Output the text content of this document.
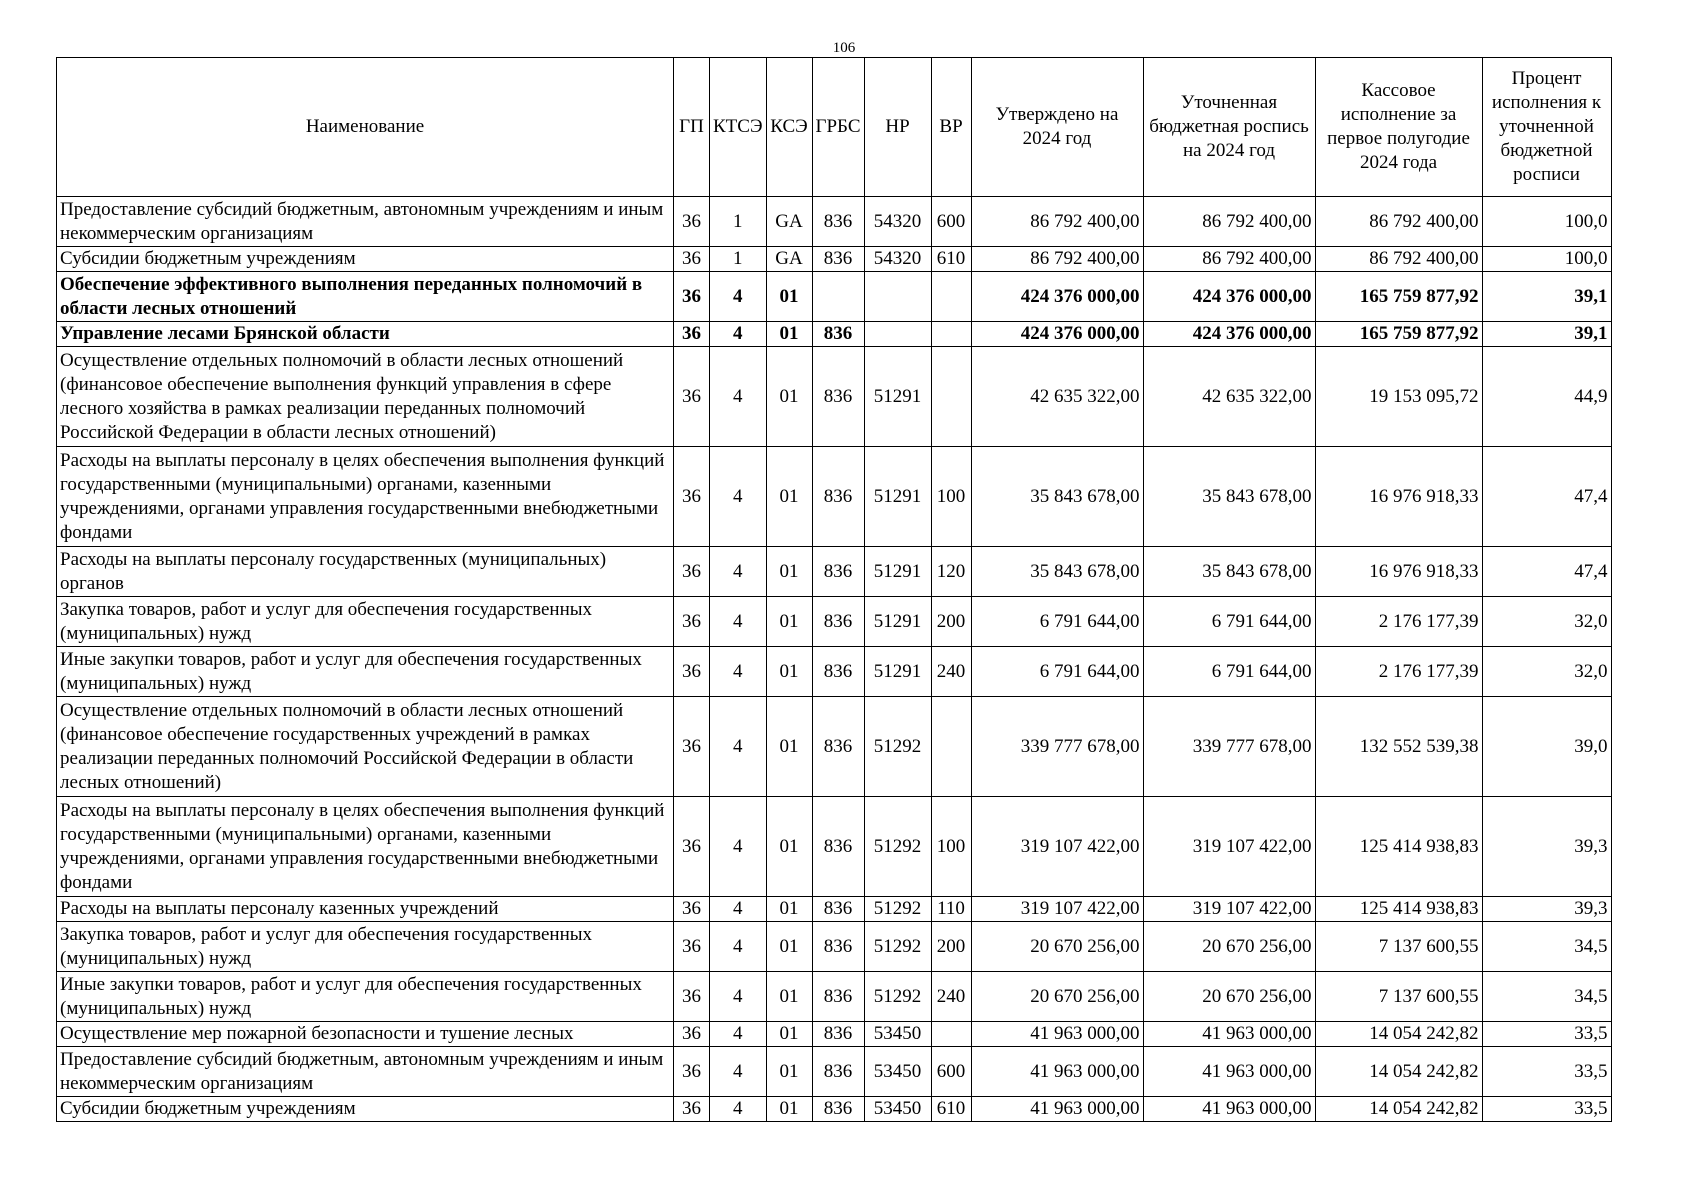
106
Наименование	ГП	КТСЭ	КСЭ	ГРБС	НР	ВР	Утверждено на 2024 год	Уточненная бюджетная роспись на 2024 год	Кассовое исполнение за первое полугодие 2024 года	Процент исполнения к уточненной бюджетной росписи
Предоставление субсидий бюджетным, автономным учреждениям и иным некоммерческим организациям	36	1	GA	836	54320	600	86 792 400,00	86 792 400,00	86 792 400,00	100,0
Субсидии бюджетным учреждениям	36	1	GA	836	54320	610	86 792 400,00	86 792 400,00	86 792 400,00	100,0
Обеспечение эффективного выполнения переданных полномочий в области лесных отношений	36	4	01				424 376 000,00	424 376 000,00	165 759 877,92	39,1
Управление лесами Брянской области	36	4	01	836			424 376 000,00	424 376 000,00	165 759 877,92	39,1
Осуществление отдельных полномочий в области лесных отношений (финансовое обеспечение выполнения функций управления в сфере лесного хозяйства в рамках реализации переданных полномочий Российской Федерации в области лесных отношений)	36	4	01	836	51291		42 635 322,00	42 635 322,00	19 153 095,72	44,9
Расходы на выплаты персоналу в целях обеспечения выполнения функций государственными (муниципальными) органами, казенными учреждениями, органами управления государственными внебюджетными фондами	36	4	01	836	51291	100	35 843 678,00	35 843 678,00	16 976 918,33	47,4
Расходы на выплаты персоналу государственных (муниципальных) органов	36	4	01	836	51291	120	35 843 678,00	35 843 678,00	16 976 918,33	47,4
Закупка товаров, работ и услуг для обеспечения государственных (муниципальных) нужд	36	4	01	836	51291	200	6 791 644,00	6 791 644,00	2 176 177,39	32,0
Иные закупки товаров, работ и услуг для обеспечения государственных (муниципальных) нужд	36	4	01	836	51291	240	6 791 644,00	6 791 644,00	2 176 177,39	32,0
Осуществление отдельных полномочий в области лесных отношений (финансовое обеспечение государственных учреждений в рамках реализации переданных полномочий Российской Федерации в области лесных отношений)	36	4	01	836	51292		339 777 678,00	339 777 678,00	132 552 539,38	39,0
Расходы на выплаты персоналу в целях обеспечения выполнения функций государственными (муниципальными) органами, казенными учреждениями, органами управления государственными внебюджетными фондами	36	4	01	836	51292	100	319 107 422,00	319 107 422,00	125 414 938,83	39,3
Расходы на выплаты персоналу казенных учреждений	36	4	01	836	51292	110	319 107 422,00	319 107 422,00	125 414 938,83	39,3
Закупка товаров, работ и услуг для обеспечения государственных (муниципальных) нужд	36	4	01	836	51292	200	20 670 256,00	20 670 256,00	7 137 600,55	34,5
Иные закупки товаров, работ и услуг для обеспечения государственных (муниципальных) нужд	36	4	01	836	51292	240	20 670 256,00	20 670 256,00	7 137 600,55	34,5
Осуществление мер пожарной безопасности и тушение лесных	36	4	01	836	53450		41 963 000,00	41 963 000,00	14 054 242,82	33,5
Предоставление субсидий бюджетным, автономным учреждениям и иным некоммерческим организациям	36	4	01	836	53450	600	41 963 000,00	41 963 000,00	14 054 242,82	33,5
Субсидии бюджетным учреждениям	36	4	01	836	53450	610	41 963 000,00	41 963 000,00	14 054 242,82	33,5
